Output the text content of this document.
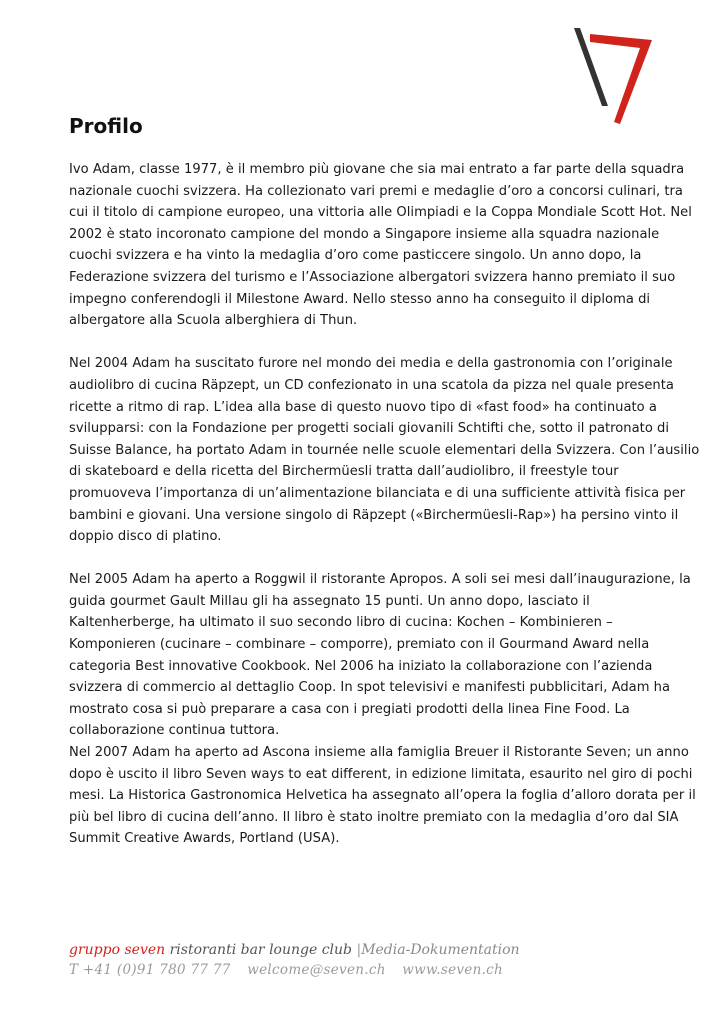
Profilo
Ivo Adam, classe 1977, è il membro più giovane che sia mai entrato a far parte della squadra
nazionale cuochi svizzera. Ha collezionato vari premi e medaglie d’oro a concorsi culinari, tra
cui il titolo di campione europeo, una vittoria alle Olimpiadi e la Coppa Mondiale Scott Hot. Nel
2002 è stato incoronato campione del mondo a Singapore insieme alla squadra nazionale
cuochi svizzera e ha vinto la medaglia d’oro come pasticcere singolo. Un anno dopo, la
Federazione svizzera del turismo e l’Associazione albergatori svizzera hanno premiato il suo
impegno conferendogli il Milestone Award. Nello stesso anno ha conseguito il diploma di
albergatore alla Scuola alberghiera di Thun.
Nel 2004 Adam ha suscitato furore nel mondo dei media e della gastronomia con l’originale
audiolibro di cucina Räpzept, un CD confezionato in una scatola da pizza nel quale presenta
ricette a ritmo di rap. L’idea alla base di questo nuovo tipo di «fast food» ha continuato a
svilupparsi: con la Fondazione per progetti sociali giovanili Schtifti che, sotto il patronato di
Suisse Balance, ha portato Adam in tournée nelle scuole elementari della Svizzera. Con l’ausilio
di skateboard e della ricetta del Birchermüesli tratta dall’audiolibro, il freestyle tour
promuoveva l’importanza di un’alimentazione bilanciata e di una sufficiente attività fisica per
bambini e giovani. Una versione singolo di Räpzept («Birchermüesli-Rap») ha persino vinto il
doppio disco di platino.
Nel 2005 Adam ha aperto a Roggwil il ristorante Apropos. A soli sei mesi dall’inaugurazione, la
guida gourmet Gault Millau gli ha assegnato 15 punti. Un anno dopo, lasciato il
Kaltenherberge, ha ultimato il suo secondo libro di cucina: Kochen – Kombinieren –
Komponieren (cucinare – combinare – comporre), premiato con il Gourmand Award nella
categoria Best innovative Cookbook. Nel 2006 ha iniziato la collaborazione con l’azienda
svizzera di commercio al dettaglio Coop. In spot televisivi e manifesti pubblicitari, Adam ha
mostrato cosa si può preparare a casa con i pregiati prodotti della linea Fine Food. La
collaborazione continua tuttora.
Nel 2007 Adam ha aperto ad Ascona insieme alla famiglia Breuer il Ristorante Seven; un anno
dopo è uscito il libro Seven ways to eat different, in edizione limitata, esaurito nel giro di pochi
mesi. La Historica Gastronomica Helvetica ha assegnato all’opera la foglia d’alloro dorata per il
più bel libro di cucina dell’anno. Il libro è stato inoltre premiato con la medaglia d’oro dal SIA
Summit Creative Awards, Portland (USA).
gruppo seven ristoranti bar lounge club |Media-Dokumentation
T +41 (0)91 780 77 77 welcome@seven.ch www.seven.ch
